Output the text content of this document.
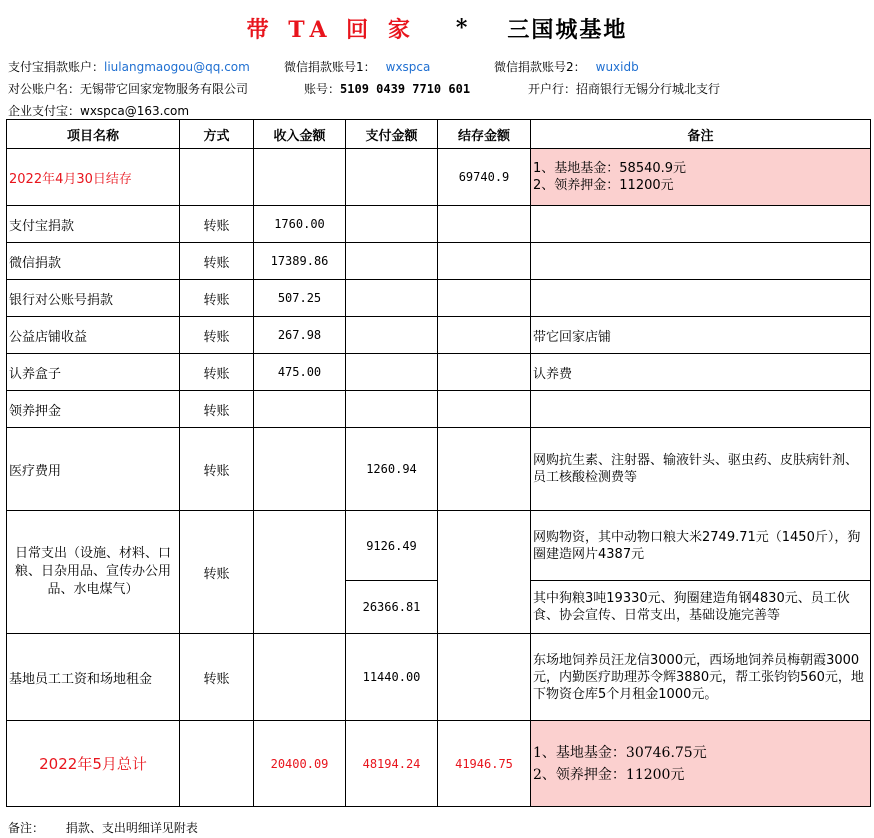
带 TA 回 家 * 三国城基地
支付宝捐款账户：liulangmaogou@qq.com	微信捐款账号1： wxspca	微信捐款账号2： wuxidb
对公账户名：无锡带它回家宠物服务有限公司	账号：5109 0439 7710 601	开户行：招商银行无锡分行城北支行
企业支付宝：wxspca@163.com
项目名称	方式	收入金额	支付金额	结存金额	备注
2022年4月30日结存				69740.9	1、基地基金：58540.9元
2、领养押金：11200元

支付宝捐款	转账	1760.00			
微信捐款	转账	17389.86			
银行对公账号捐款	转账	507.25			
公益店铺收益	转账	267.98			带它回家店铺
认养盒子	转账	475.00			认养费
领养押金	转账				
医疗费用	转账		1260.94		网购抗生素、注射器、输液针头、驱虫药、皮肤病针剂、员工核酸检测费等
日常支出（设施、材料、口粮、日杂用品、宣传办公用品、水电煤气）	转账		9126.49		网购物资，其中动物口粮大米2749.71元（1450斤），狗圈建造网片4387元
			26366.81		其中狗粮3吨19330元、狗圈建造角钢4830元、员工伙食、协会宣传、日常支出，基础设施完善等
基地员工工资和场地租金	转账		11440.00		东场地饲养员汪龙信3000元，西场地饲养员梅朝霞3000元，内勤医疗助理苏令辉3880元，帮工张钧钧560元，地下物资仓库5个月租金1000元。
2022年5月总计		20400.09	48194.24	41946.75	1、基地基金：30746.75元
2、领养押金：11200元
备注： 捐款、支出明细详见附表
